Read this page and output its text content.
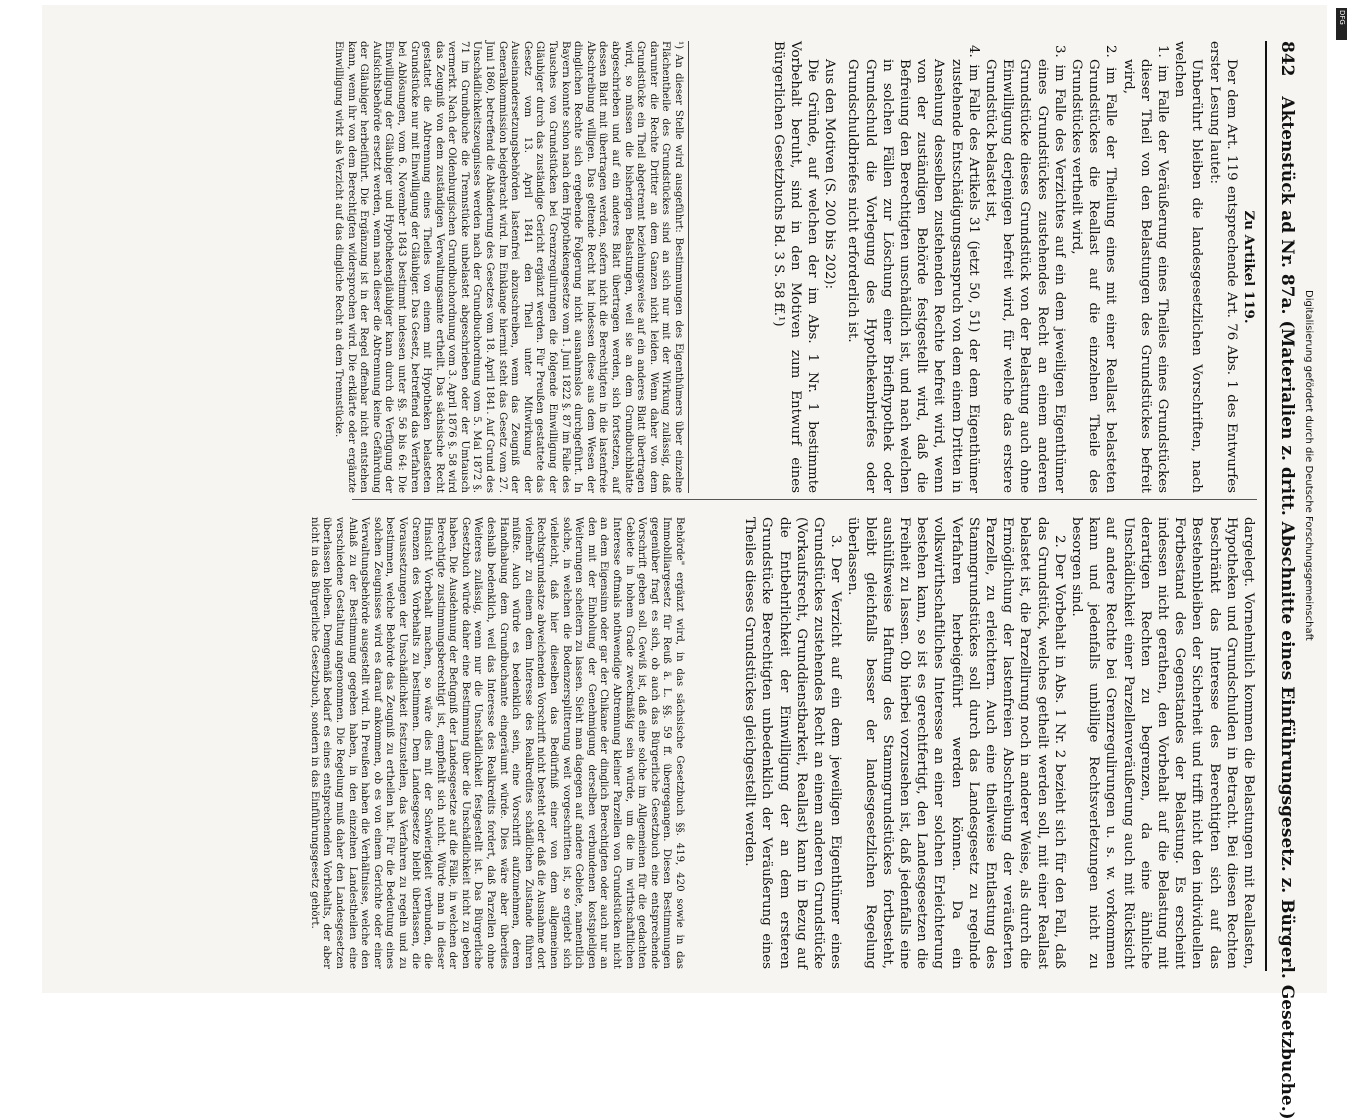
842 Aktenstück ad Nr. 87a. (Materialien z. dritt. Abschnitte eines Einführungsgesetz. z. Bürgerl. Gesetzbuche.)

Zu Artikel 119.

Der dem Art. 119 entsprechende Art. 76 Abs. 1 des Entwurfes erster Lesung lautet:

Unberührt bleiben die landesgesetzlichen Vorschriften, nach welchen

1. im Falle der Veräußerung eines Theiles eines Grundstückes dieser Theil von den Belastungen des Grundstückes befreit wird,

2. im Falle der Theilung eines mit einer Reallast belasteten Grundstückes die Reallast auf die einzelnen Theile des Grundstückes vertheilt wird,

3. im Falle des Verzichtes auf ein dem jeweiligen Eigenthümer eines Grundstückes zustehendes Recht an einem anderen Grundstücke dieses Grundstück von der Belastung auch ohne Einwilligung derjenigen befreit wird, für welche das erstere Grundstück belastet ist,

4. im Falle des Artikels 31 (jetzt 50, 51) der dem Eigenthümer zustehende Entschädigungsanspruch von dem einem Dritten in Ansehung desselben zustehenden Rechte befreit wird, wenn von der zuständigen Behörde festgestellt wird, daß die Befreiung den Berechtigten unschädlich ist, und nach welchen in solchen Fällen zur Löschung einer Briefhypothek oder Grundschuld die Vorlegung des Hypothekenbriefes oder Grundschuldbriefes nicht erforderlich ist.

Aus den Motiven (S. 200 bis 202):

Die Gründe, auf welchen der im Abs. 1 Nr. 1 bestimmte Vorbehalt beruht, sind in den Motiven zum Entwurf eines Bürgerlichen Gesetzbuchs Bd. 3 S. 58 ff.¹)

dargelegt. Vornehmlich kommen die Belastungen mit Reallasten, Hypotheken und Grundschulden in Betracht. Bei diesen Rechten beschränkt das Interesse des Berechtigten sich auf das Bestehenbleiben der Sicherheit und trifft nicht den individuellen Fortbestand des Gegenstandes der Belastung. Es erscheint indessen nicht gerathen, den Vorbehalt auf die Belastung mit derartigen Rechten zu begrenzen, da eine ähnliche Unschädlichkeit einer Parzellenveräußerung auch mit Rücksicht auf andere Rechte bei Grenzregulirungen u. s. w. vorkommen kann und jedenfalls unbillige Rechtsverletzungen nicht zu besorgen sind.

2. Der Vorbehalt in Abs. 1 Nr. 2 bezieht sich für den Fall, daß das Grundstück, welches getheilt werden soll, mit einer Reallast belastet ist, die Parzellirung noch in anderer Weise, als durch die Ermöglichung der lastenfreien Abschreibung der veräußerten Parzelle, zu erleichtern. Auch eine theilweise Entlastung des Stammgrundstückes soll durch das Landesgesetz zu regelnde Verfahren herbeigeführt werden können. Da ein volkswirthschaftliches Interesse an einer solchen Erleichterung bestehen kann, so ist es gerechtfertigt, den Landesgesetzen die Freiheit zu lassen. Ob hierbei vorzusehen ist, daß jedenfalls eine aushülfsweise Haftung des Stammgrundstückes fortbesteht, bleibt gleichfalls besser der landesgesetzlichen Regelung überlassen.

3. Der Verzicht auf ein dem jeweiligen Eigenthümer eines Grundstückes zustehendes Recht an einem anderen Grundstücke (Vorkaufsrecht, Grunddienstbarkeit, Reallast) kann in Bezug auf die Entbehrlichkeit der Einwilligung der an dem ersteren Grundstücke Berechtigten unbedenklich der Veräußerung eines Theiles dieses Grundstückes gleichgestellt werden.

¹) An dieser Stelle wird ausgeführt: Bestimmungen des Eigenthümers über einzelne Flächentheile des Grundstückes sind an sich nur mit der Wirkung zulässig, daß darunter die Rechte Dritter an dem Ganzen nicht leiden. Wenn daher von dem Grundstücke ein Theil abgetrennt beziehungsweise auf ein anderes Blatt übertragen wird, so müssen die bisherigen Belastungen, weil sie an dem Grundbuchblatte abgeschrieben und auf ein anderes Blatt übertragen werden, sich fortsetzen, auf dessen Blatt mit übertragen werden, sofern nicht die Berechtigten in die lastenfreie Abschreibung willigen. Das geltende Recht hat indessen diese aus dem Wesen der dinglichen Rechte sich ergebende Folgerung nicht ausnahmslos durchgeführt. In Bayern konnte schon nach dem Hypothekengesetze vom 1. Juni 1822 §. 87 im Falle des Tausches von Grundstücken bei Grenzregulirungen die folgende Einwilligung der Gläubiger durch das zuständige Gericht ergänzt werden. Für Preußen gestattete das Gesetz vom 13. April 1841 den Theil unter Mitwirkung der Auseinandersetzungsbehörden lastenfrei abzuschreiben, wenn das Zeugniß der Generalkommission beigebracht wird. Im Einklange hiermit steht das Gesetz vom 27. Juni 1860, betreffend die Abänderung des Gesetzes vom 18. April 1841. Auf Grund des Unschädlichkeitszeugnisses werden nach der Grundbuchordnung vom 5. Mai 1872 §. 71 im Grundbuche die Trennstücke unbelastet abgeschrieben oder der Umtausch vermerkt. Nach der Oldenburgischen Grundbuchordnung vom 3. April 1876 §. 58 wird das Zeugniß von dem zuständigen Verwaltungsamte ertheilt. Das sächsische Recht gestattet die Abtrennung eines Theiles von einem mit Hypotheken belasteten Grundstücke nur mit Einwilligung der Gläubiger. Das Gesetz, betreffend das Verfahren bei Ablösungen, vom 6. November 1843 bestimmt indessen unter §§. 56 bis 64: Die Einwilligung der Gläubiger und Hypothekengläubiger kann durch die Verfügung der Aufsichtsbehörde ersetzt werden, wenn nach dieser die Abtrennung keine Gefährdung der Gläubiger herbeiführt. Die Ergänzung ist in der Regel offenbar nicht entstehen kann, wenn ihr von dem Berechtigten widersprochen wird. Die erklärte oder ergänzte Einwilligung wirkt als Verzicht auf das dingliche Recht an dem Trennstücke.
Behörde" ergänzt wird, in das sächsische Gesetzbuch §§. 419, 420 sowie in das Immobiliargesetz für Reuß ä. L. §§. 59 ff. übergegangen. Diesen Bestimmungen gegenüber fragt es sich, ob auch das Bürgerliche Gesetzbuch eine entsprechende Vorschrift geben soll. Gewiß ist, daß eine solche im Allgemeinen für die gedachten Gebiete in hohem Grade zweckmäßig sein würde, um die im wirthschaftlichen Interesse oftmals nothwendige Abtrennung kleiner Parzellen von Grundstücken nicht an dem Eigensinn oder gar der Chikane der dinglich Berechtigten oder auch nur an den mit der Einholung der Genehmigung derselben verbundenen kostspieligen Weiterungen scheitern zu lassen. Sieht man dagegen auf andere Gebiete, namentlich solche, in welchen die Bodenzersplitterung weit vorgeschritten ist, so ergiebt sich vielleicht, daß hier dieselben das Bedürfniß einer von dem allgemeinen Rechtsgrundsatze abweichenden Vorschrift nicht besteht oder daß die Ausnahme dort vielmehr zu einem dem Interesse des Realkredites schädlichen Zustande führen müßte. Auch würde es bedenklich sein, eine Vorschrift aufzunehmen, deren Handhabung dem Grundbuchamte eingeräumt würde. Dies wäre aber überdies deshalb bedenklich, weil das Interesse des Realkredits fordert, daß Parzellen ohne Weiteres zulässig, wenn nur die Unschädlichkeit festgestellt ist. Das Bürgerliche Gesetzbuch würde daher eine Bestimmung über die Unschädlichkeit nicht zu geben haben. Die Ausdehnung der Befugniß der Landesgesetze auf die Fälle, in welchen der Berechtigte zustimmungsberechtigt ist, empfiehlt sich nicht. Würde man in dieser Hinsicht Vorbehalt machen, so wäre dies mit der Schwierigkeit verbunden, die Grenzen des Vorbehalts zu bestimmen. Dem Landesgesetze bleibt überlassen, die Voraussetzungen der Unschädlichkeit festzustellen, das Verfahren zu regeln und zu bestimmen, welche Behörde das Zeugniß zu ertheilen hat. Für die Bedeutung eines solchen Zeugnisses wird es darauf ankommen, ob es von einem Gerichte oder einer Verwaltungsbehörde ausgestellt wird. In Preußen haben die Verhältnisse, welche den Anlaß zu der Bestimmung gegeben haben, in den einzelnen Landestheilen eine verschiedene Gestaltung angenommen. Die Regelung muß daher den Landesgesetzen überlassen bleiben. Demgemäß bedarf es eines entsprechenden Vorbehalts, der aber nicht in das Bürgerliche Gesetzbuch, sondern in das Einführungsgesetz gehört.
Digitalisierung gefördert durch die Deutsche Forschungsgemeinschaft
DFG
